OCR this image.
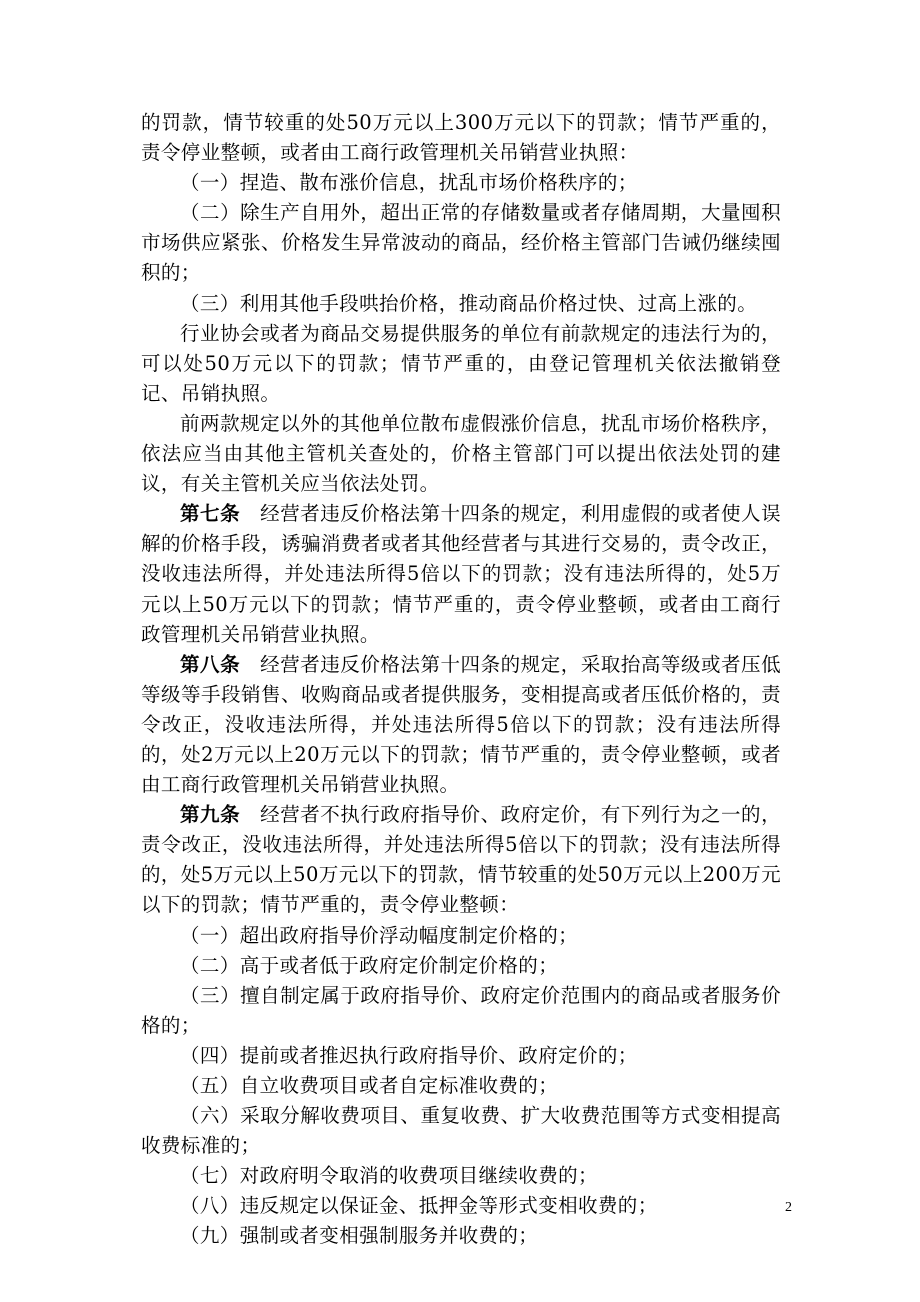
的罚款，情节较重的处50万元以上300万元以下的罚款；情节严重的，责令停业整顿，或者由工商行政管理机关吊销营业执照：

（一）捏造、散布涨价信息，扰乱市场价格秩序的；

（二）除生产自用外，超出正常的存储数量或者存储周期，大量囤积市场供应紧张、价格发生异常波动的商品，经价格主管部门告诫仍继续囤积的；

（三）利用其他手段哄抬价格，推动商品价格过快、过高上涨的。

行业协会或者为商品交易提供服务的单位有前款规定的违法行为的，可以处50万元以下的罚款；情节严重的，由登记管理机关依法撤销登记、吊销执照。

前两款规定以外的其他单位散布虚假涨价信息，扰乱市场价格秩序，依法应当由其他主管机关查处的，价格主管部门可以提出依法处罚的建议，有关主管机关应当依法处罚。

第七条　经营者违反价格法第十四条的规定，利用虚假的或者使人误解的价格手段，诱骗消费者或者其他经营者与其进行交易的，责令改正，没收违法所得，并处违法所得5倍以下的罚款；没有违法所得的，处5万元以上50万元以下的罚款；情节严重的，责令停业整顿，或者由工商行政管理机关吊销营业执照。

第八条　经营者违反价格法第十四条的规定，采取抬高等级或者压低等级等手段销售、收购商品或者提供服务，变相提高或者压低价格的，责令改正，没收违法所得，并处违法所得5倍以下的罚款；没有违法所得的，处2万元以上20万元以下的罚款；情节严重的，责令停业整顿，或者由工商行政管理机关吊销营业执照。

第九条　经营者不执行政府指导价、政府定价，有下列行为之一的，责令改正，没收违法所得，并处违法所得5倍以下的罚款；没有违法所得的，处5万元以上50万元以下的罚款，情节较重的处50万元以上200万元以下的罚款；情节严重的，责令停业整顿：

（一）超出政府指导价浮动幅度制定价格的；

（二）高于或者低于政府定价制定价格的；

（三）擅自制定属于政府指导价、政府定价范围内的商品或者服务价格的；

（四）提前或者推迟执行政府指导价、政府定价的；

（五）自立收费项目或者自定标准收费的；

（六）采取分解收费项目、重复收费、扩大收费范围等方式变相提高收费标准的；

（七）对政府明令取消的收费项目继续收费的；

（八）违反规定以保证金、抵押金等形式变相收费的；

（九）强制或者变相强制服务并收费的；

2
